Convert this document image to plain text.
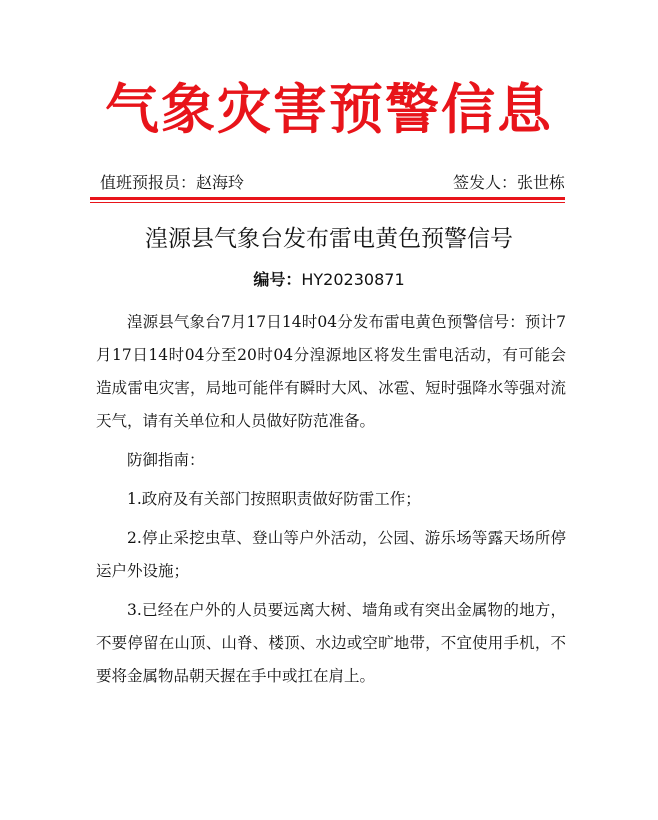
气象灾害预警信息
值班预报员：赵海玲	签发人：张世栋
湟源县气象台发布雷电黄色预警信号
编号：HY20230871

湟源县气象台7月17日14时04分发布雷电黄色预警信号：预计7月17日14时04分至20时04分湟源地区将发生雷电活动，有可能会造成雷电灾害，局地可能伴有瞬时大风、冰雹、短时强降水等强对流天气，请有关单位和人员做好防范准备。

防御指南：

1.政府及有关部门按照职责做好防雷工作；

2.停止采挖虫草、登山等户外活动，公园、游乐场等露天场所停运户外设施；

3.已经在户外的人员要远离大树、墙角或有突出金属物的地方，不要停留在山顶、山脊、楼顶、水边或空旷地带，不宜使用手机，不要将金属物品朝天握在手中或扛在肩上。
